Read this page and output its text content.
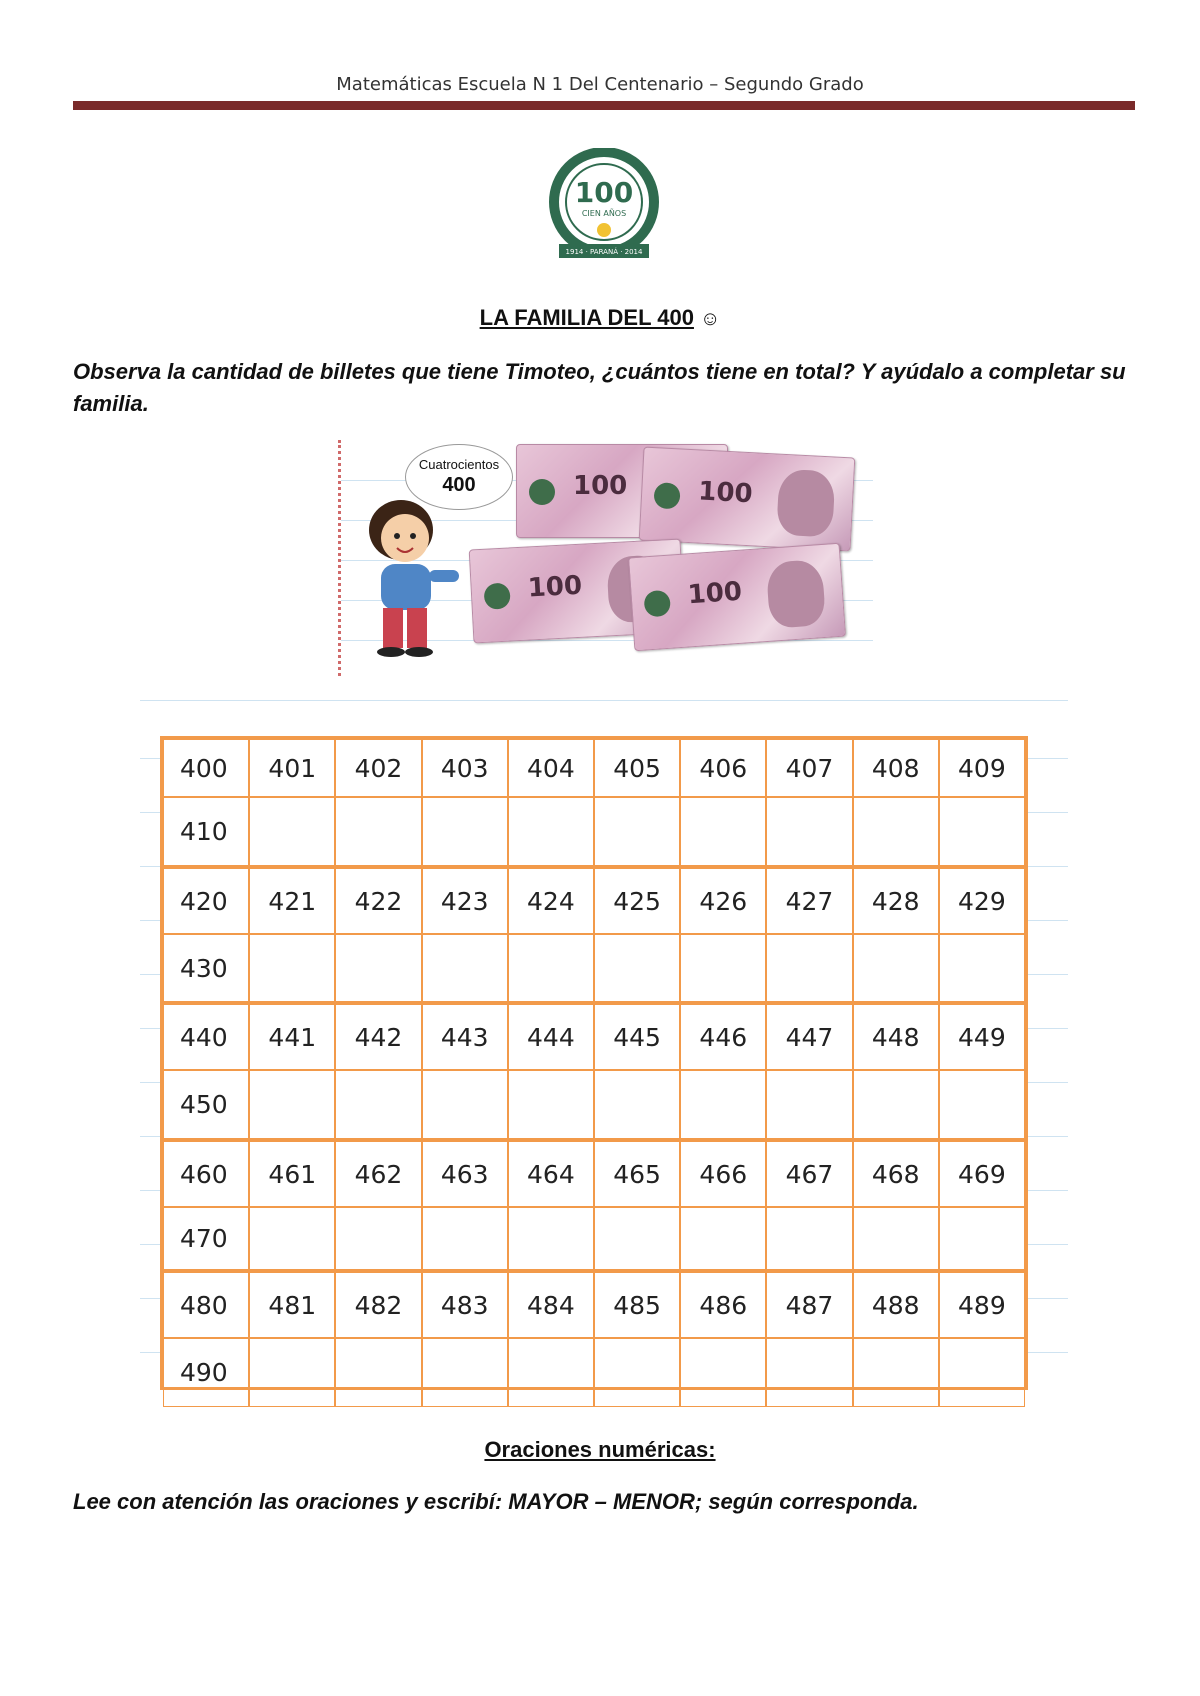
Matemáticas Escuela N 1 Del Centenario – Segundo Grado
100
CIEN AÑOS
1914 · PARANÁ · 2014
LA FAMILIA DEL 400 ☺
Observa la cantidad de billetes que tiene Timoteo, ¿cuántos tiene en total? Y ayúdalo a completar su familia.
Cuatrocientos
400	100	100
100	100
400	401	402	403	404	405	406	407	408	409
410
420	421	422	423	424	425	426	427	428	429
430
440	441	442	443	444	445	446	447	448	449
450
460	461	462	463	464	465	466	467	468	469
470
480	481	482	483	484	485	486	487	488	489
490
Oraciones numéricas:
Lee con atención las oraciones y escribí: MAYOR – MENOR; según corresponda.
